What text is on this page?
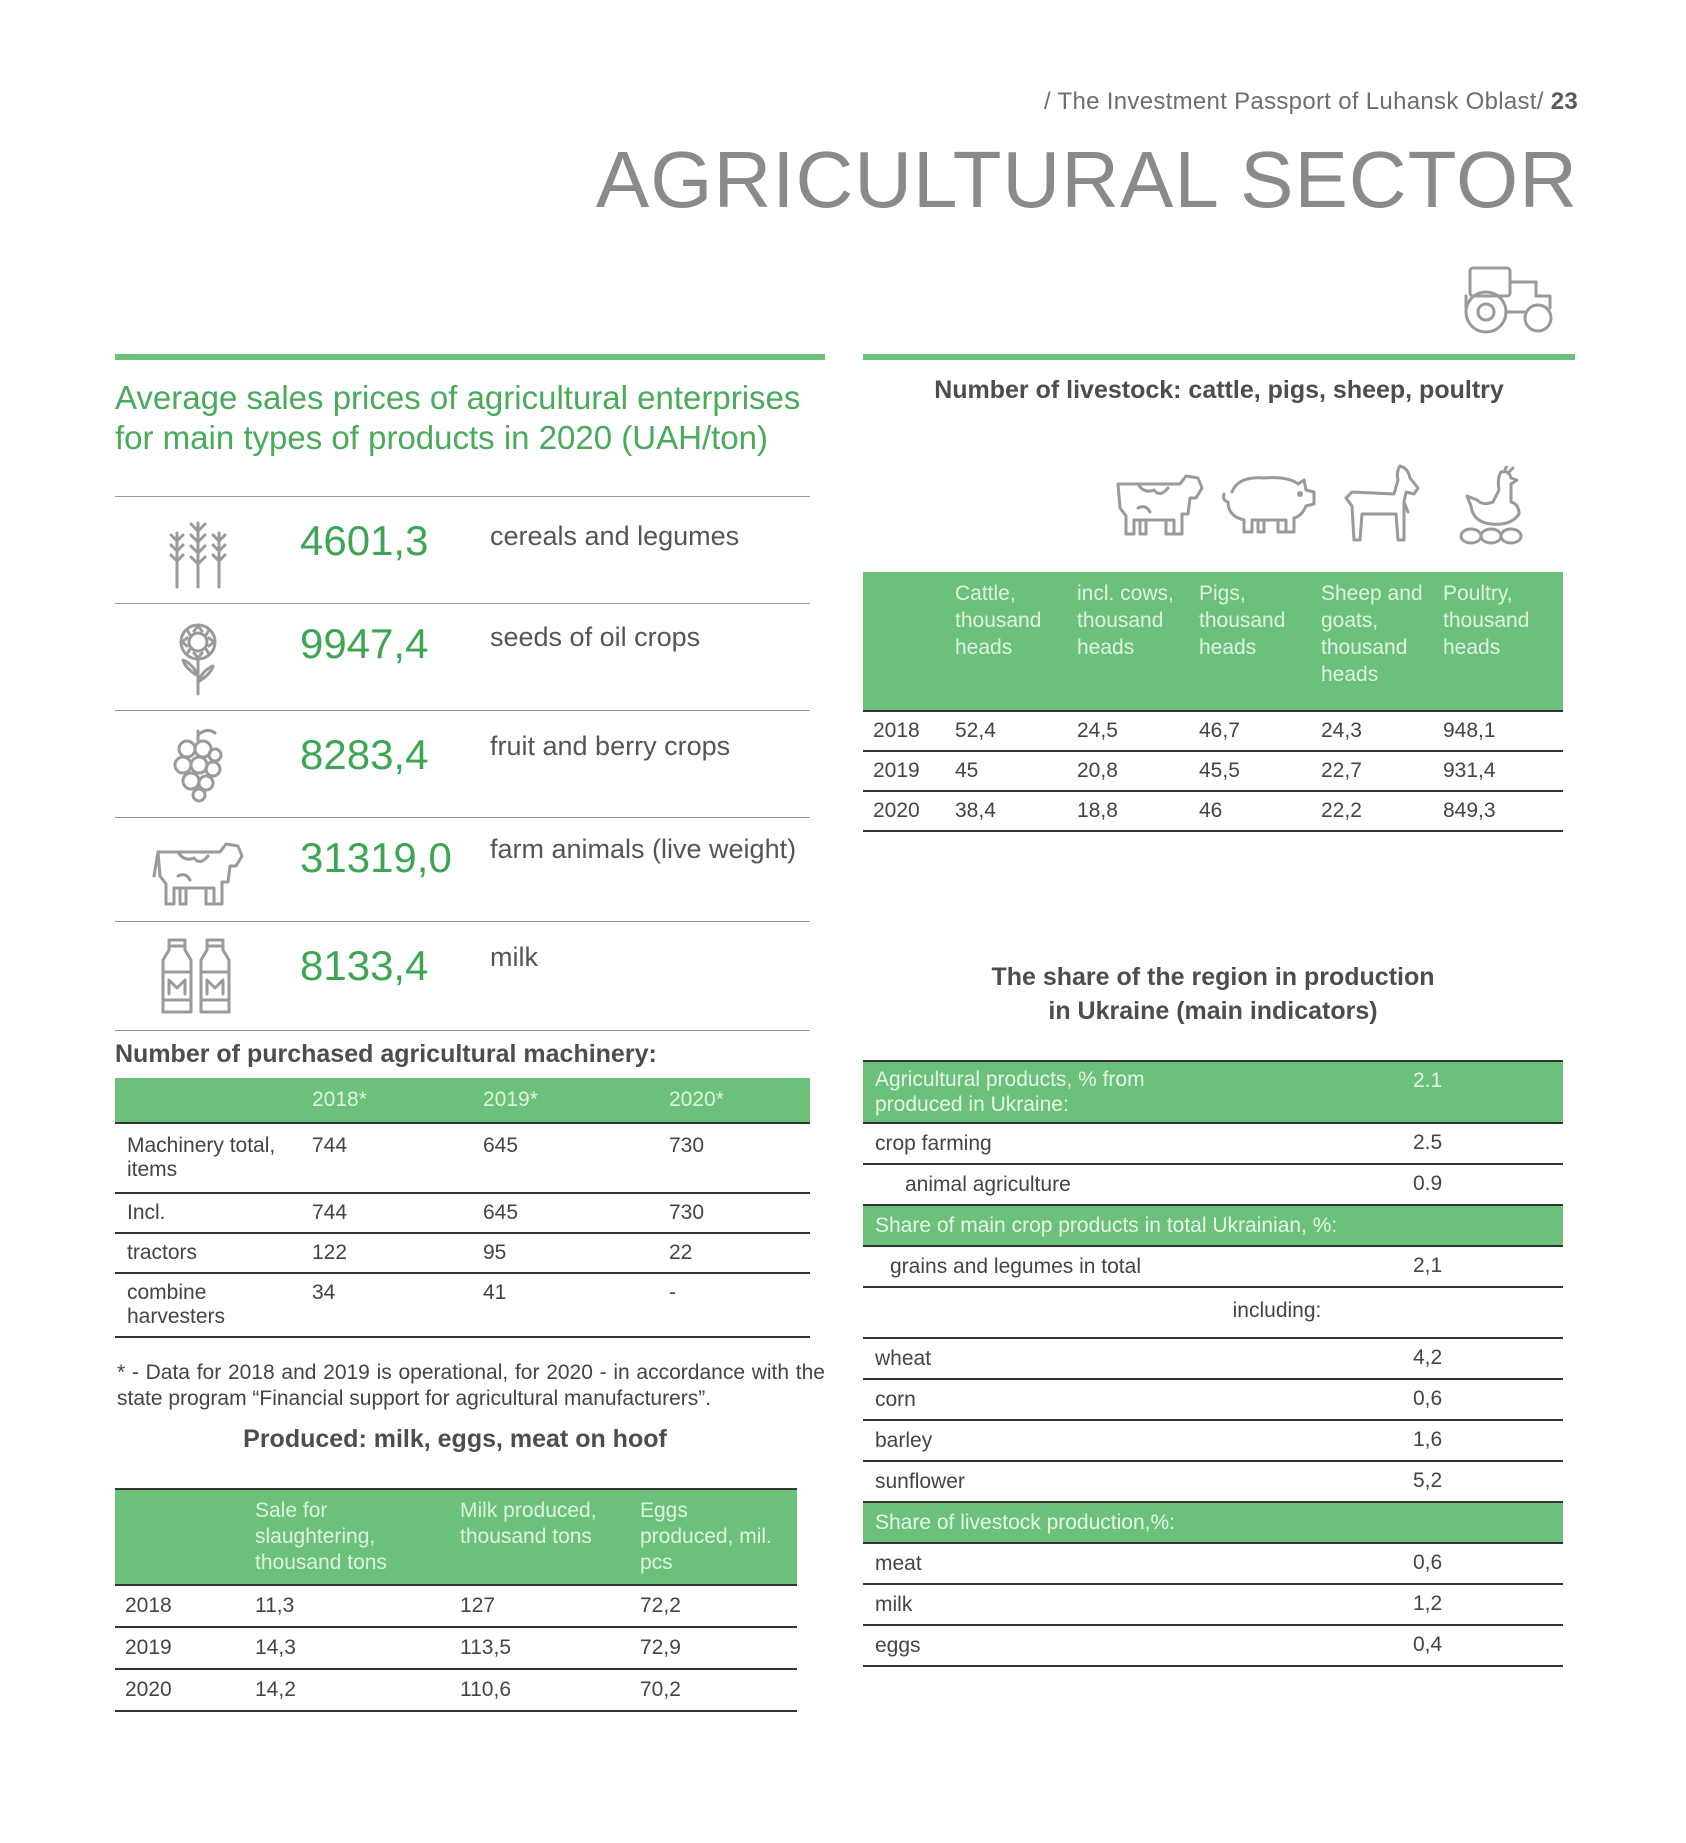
/ The Investment Passport of Luhansk Oblast/ 23
AGRICULTURAL SECTOR
Average sales prices of agricultural enterprises for main types of products in 2020 (UAH/ton)
4601,3 cereals and legumes
9947,4 seeds of oil crops
8283,4 fruit and berry crops
31319,0 farm animals (live weight)
8133,4 milk
Number of purchased agricultural machinery:
	2018*	2019*	2020*
Machinery total, items	744	645	730
Incl.	744	645	730
tractors	122	95	22
combine harvesters	34	41	-
* - Data for 2018 and 2019 is operational, for 2020 - in accordance with the state program “Financial support for agricultural manufacturers”.
Produced: milk, eggs, meat on hoof
	Sale for slaughtering, thousand tons	Milk produced, thousand tons	Eggs produced, mil. pcs
2018	11,3	127	72,2
2019	14,3	113,5	72,9
2020	14,2	110,6	70,2
Number of livestock: cattle, pigs, sheep, poultry
	Cattle, thousand heads	incl. cows, thousand heads	Pigs, thousand heads	Sheep and goats, thousand heads	Poultry, thousand heads
2018	52,4	24,5	46,7	24,3	948,1
2019	45	20,8	45,5	22,7	931,4
2020	38,4	18,8	46	22,2	849,3
The share of the region in production
in Ukraine (main indicators)
Agricultural products, % from produced in Ukraine:	2.1
crop farming	2.5
animal agriculture	0.9
Share of main crop products in total Ukrainian, %:	
grains and legumes in total	2,1
including:	
wheat	4,2
corn	0,6
barley	1,6
sunflower	5,2
Share of livestock production,%:	
meat	0,6
milk	1,2
eggs	0,4
